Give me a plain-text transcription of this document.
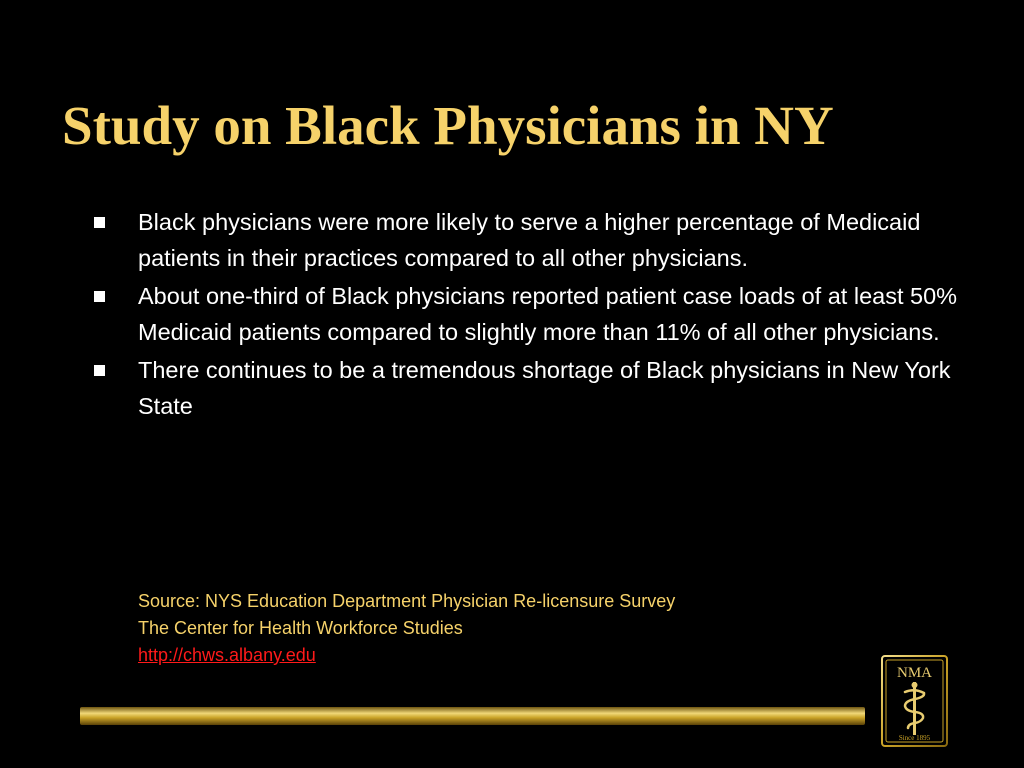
Study on Black Physicians in NY
Black physicians were more likely to serve a higher percentage of Medicaid patients in their practices compared to all other physicians.
About one-third of Black physicians reported patient case loads of at least 50% Medicaid patients compared to slightly more than 11% of all other physicians.
There continues to be a tremendous shortage of Black physicians in New York State
Source: NYS Education Department Physician Re-licensure Survey
The Center for Health Workforce Studies
http://chws.albany.edu
NMA
Since 1895
